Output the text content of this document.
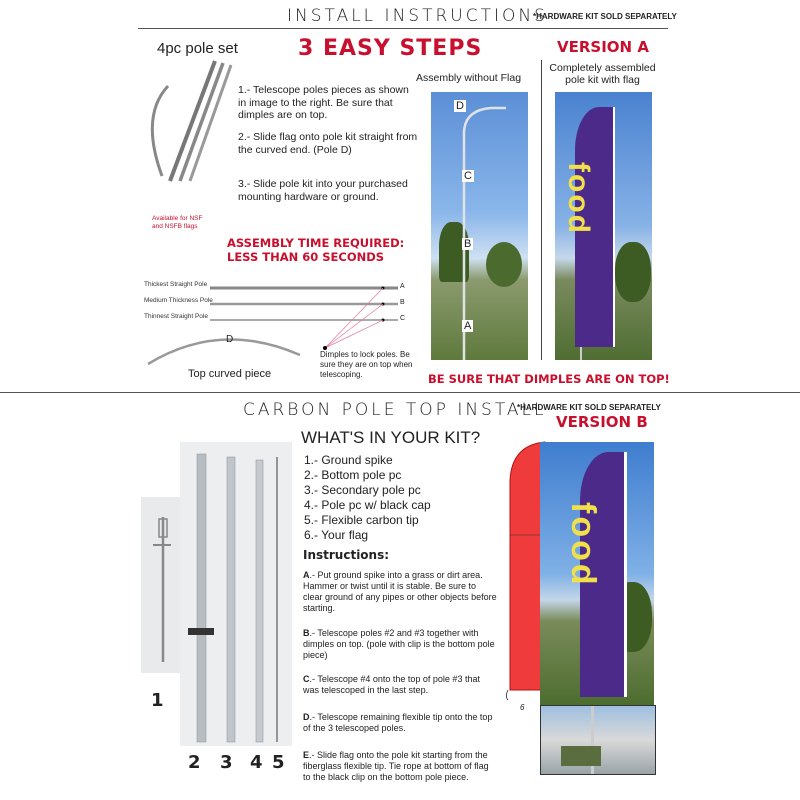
INSTALL INSTRUCTIONS
*HARDWARE KIT SOLD SEPARATELY
4pc pole set	3 EASY STEPS	VERSION A
Available for NSF and NSFB flags
1.- Telescope poles pieces as shown in image to the right. Be sure that dimples are on top.
2.- Slide flag onto pole kit straight from the curved end. (Pole D)
3.- Slide pole kit into your purchased mounting hardware or ground.
ASSEMBLY TIME REQUIRED:
LESS THAN 60 SECONDS
Thickest Straight Pole
Medium Thickness Pole
Thinnest Straight Pole
A
B
C
D
Top curved piece
Dimples to lock poles. Be sure they are on top when telescoping.
Assembly without Flag
D
C
B
A
Completely assembled pole kit with flag
food
BE SURE THAT DIMPLES ARE ON TOP!
CARBON POLE TOP INSTALL
*HARDWARE KIT SOLD SEPARATELY
VERSION B
1
2 3 4 5
WHAT'S IN YOUR KIT?
1.- Ground spike
2.- Bottom pole pc
3.- Secondary pole pc
4.- Pole pc w/ black cap
5.- Flexible carbon tip
6.- Your flag
Instructions:
A.- Put ground spike into a grass or dirt area. Hammer or twist until it is stable. Be sure to clear ground of any pipes or other objects before starting.
B.- Telescope poles #2 and #3 together with dimples on top. (pole with clip is the bottom pole piece)
C.- Telescope #4 onto the top of pole #3 that was telescoped in the last step.
D.- Telescope remaining flexible tip onto the top of the 3 telescoped poles.
E.- Slide flag onto the pole kit starting from the fiberglass flexible tip. Tie rope at bottom of flag to the black clip on the bottom pole piece.
6
food
